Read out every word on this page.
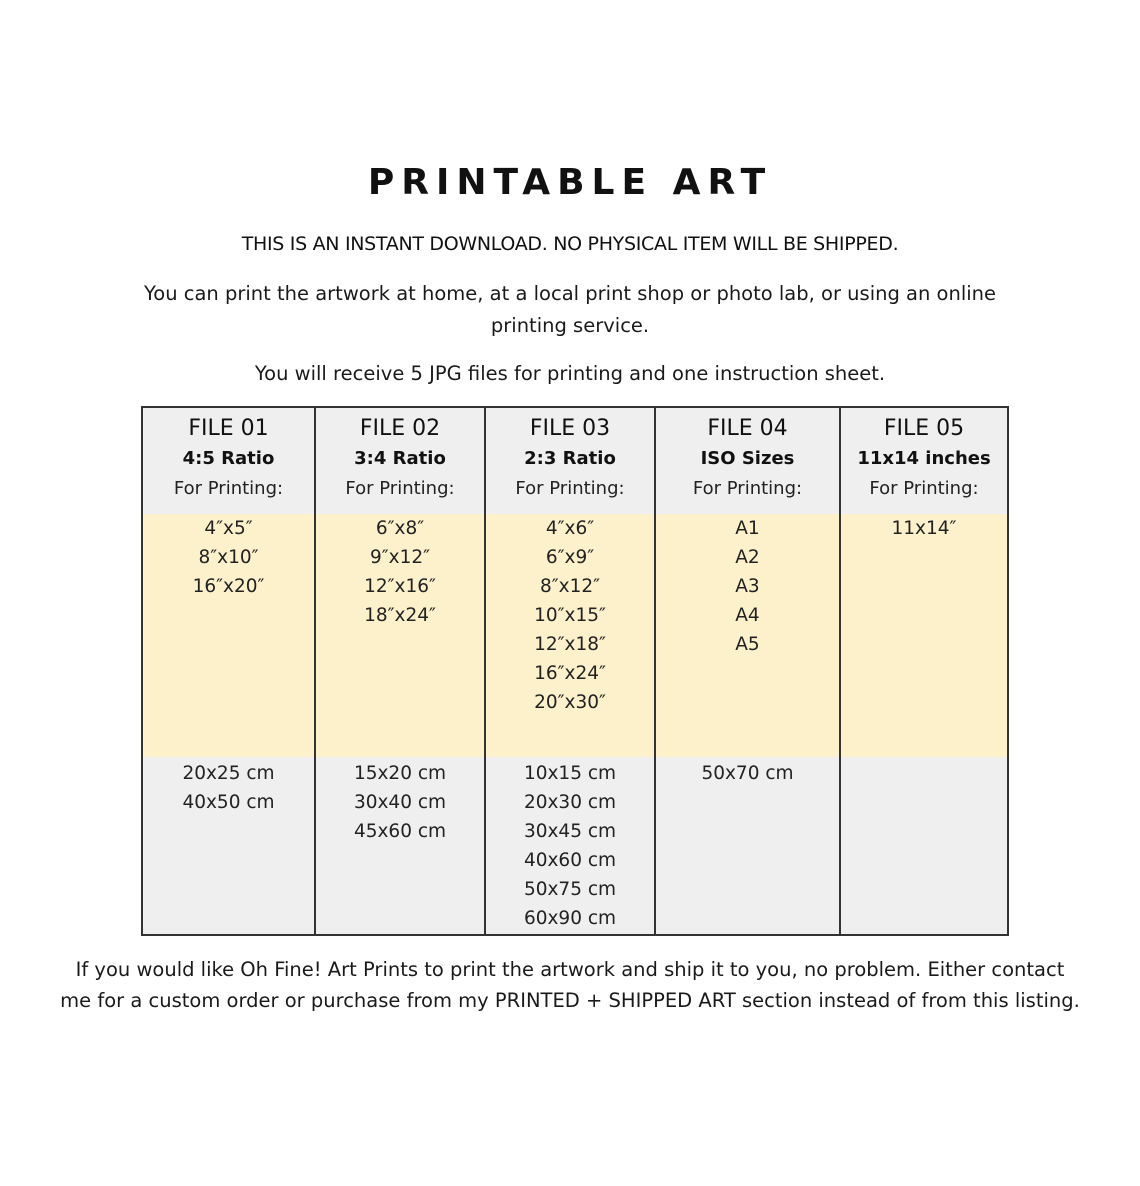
PRINTABLE ART
THIS IS AN INSTANT DOWNLOAD. NO PHYSICAL ITEM WILL BE SHIPPED.
You can print the artwork at home, at a local print shop or photo lab, or using an online printing service.
You will receive 5 JPG files for printing and one instruction sheet.
FILE 01
4:5 Ratio
For Printing:
4″x5″
8″x10″
16″x20″
20x25 cm
40x50 cm
FILE 02
3:4 Ratio
For Printing:
6″x8″
9″x12″
12″x16″
18″x24″
15x20 cm
30x40 cm
45x60 cm
FILE 03
2:3 Ratio
For Printing:
4″x6″
6″x9″
8″x12″
10″x15″
12″x18″
16″x24″
20″x30″
10x15 cm
20x30 cm
30x45 cm
40x60 cm
50x75 cm
60x90 cm
FILE 04
ISO Sizes
For Printing:
A1
A2
A3
A4
A5
50x70 cm
FILE 05
11x14 inches
For Printing:
11x14″
If you would like Oh Fine! Art Prints to print the artwork and ship it to you, no problem. Either contact me for a custom order or purchase from my PRINTED + SHIPPED ART section instead of from this listing.
